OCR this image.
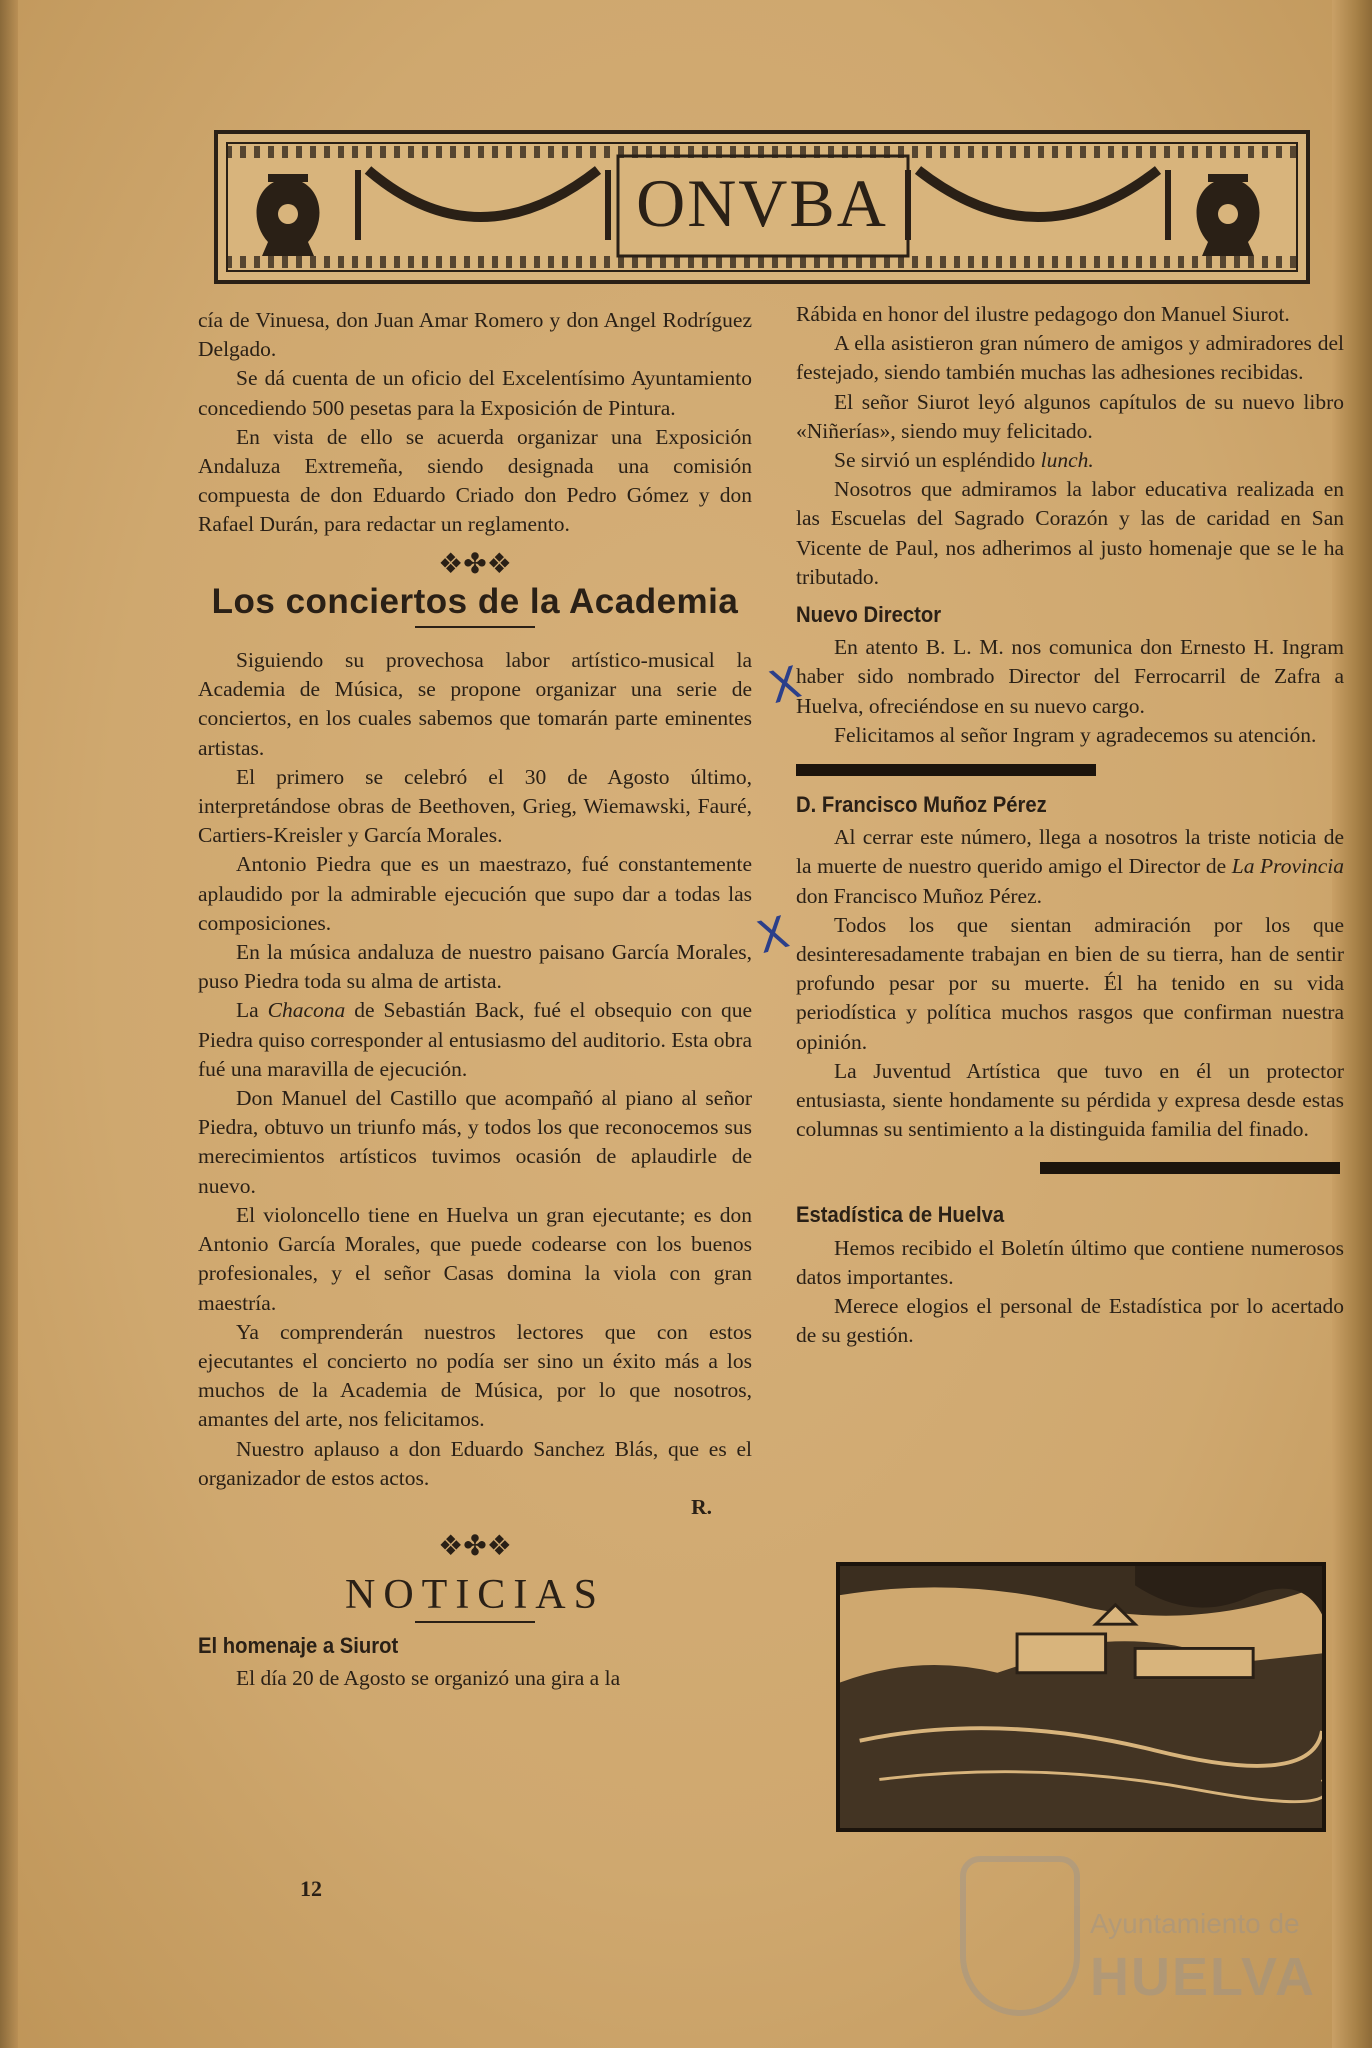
ONVBA

cía de Vinuesa, don Juan Amar Romero y don Angel Rodríguez Delgado.

Se dá cuenta de un oficio del Excelentísimo Ayuntamiento concediendo 500 pesetas para la Exposición de Pintura.

En vista de ello se acuerda organizar una Exposición Andaluza Extremeña, siendo designada una comisión compuesta de don Eduardo Criado don Pedro Gómez y don Rafael Durán, para redactar un reglamento.

❖✤❖
Los conciertos de la Academia

Siguiendo su provechosa labor artístico-musical la Academia de Música, se propone organizar una serie de conciertos, en los cuales sabemos que tomarán parte eminentes artistas.

El primero se celebró el 30 de Agosto último, interpretándose obras de Beethoven, Grieg, Wiemawski, Fauré, Cartiers-Kreisler y García Morales.

Antonio Piedra que es un maestrazo, fué constantemente aplaudido por la admirable ejecución que supo dar a todas las composiciones.

En la música andaluza de nuestro paisano García Morales, puso Piedra toda su alma de artista.

La Chacona de Sebastián Back, fué el obsequio con que Piedra quiso corresponder al entusiasmo del auditorio. Esta obra fué una maravilla de ejecución.

Don Manuel del Castillo que acompañó al piano al señor Piedra, obtuvo un triunfo más, y todos los que reconocemos sus merecimientos artísticos tuvimos ocasión de aplaudirle de nuevo.

El violoncello tiene en Huelva un gran ejecutante; es don Antonio García Morales, que puede codearse con los buenos profesionales, y el señor Casas domina la viola con gran maestría.

Ya comprenderán nuestros lectores que con estos ejecutantes el concierto no podía ser sino un éxito más a los muchos de la Academia de Música, por lo que nosotros, amantes del arte, nos felicitamos.

Nuestro aplauso a don Eduardo Sanchez Blás, que es el organizador de estos actos.

R.
❖✤❖
NOTICIAS
El homenaje a Siurot

El día 20 de Agosto se organizó una gira a la

Rábida en honor del ilustre pedagogo don Manuel Siurot.

A ella asistieron gran número de amigos y admiradores del festejado, siendo también muchas las adhesiones recibidas.

El señor Siurot leyó algunos capítulos de su nuevo libro «Niñerías», siendo muy felicitado.

Se sirvió un espléndido lunch.

Nosotros que admiramos la labor educativa realizada en las Escuelas del Sagrado Corazón y las de caridad en San Vicente de Paul, nos adherimos al justo homenaje que se le ha tributado.

Nuevo Director

En atento B. L. M. nos comunica don Ernesto H. Ingram haber sido nombrado Director del Ferrocarril de Zafra a Huelva, ofreciéndose en su nuevo cargo.

Felicitamos al señor Ingram y agradecemos su atención.

D. Francisco Muñoz Pérez

Al cerrar este número, llega a nosotros la triste noticia de la muerte de nuestro querido amigo el Director de La Provincia don Francisco Muñoz Pérez.

Todos los que sientan admiración por los que desinteresadamente trabajan en bien de su tierra, han de sentir profundo pesar por su muerte. Él ha tenido en su vida periodística y política muchos rasgos que confirman nuestra opinión.

La Juventud Artística que tuvo en él un protector entusiasta, siente hondamente su pérdida y expresa desde estas columnas su sentimiento a la distinguida familia del finado.

Estadística de Huelva

Hemos recibido el Boletín último que contiene numerosos datos importantes.

Merece elogios el personal de Estadística por lo acertado de su gestión.

12
X
X
Ayuntamiento de
HUELVA
